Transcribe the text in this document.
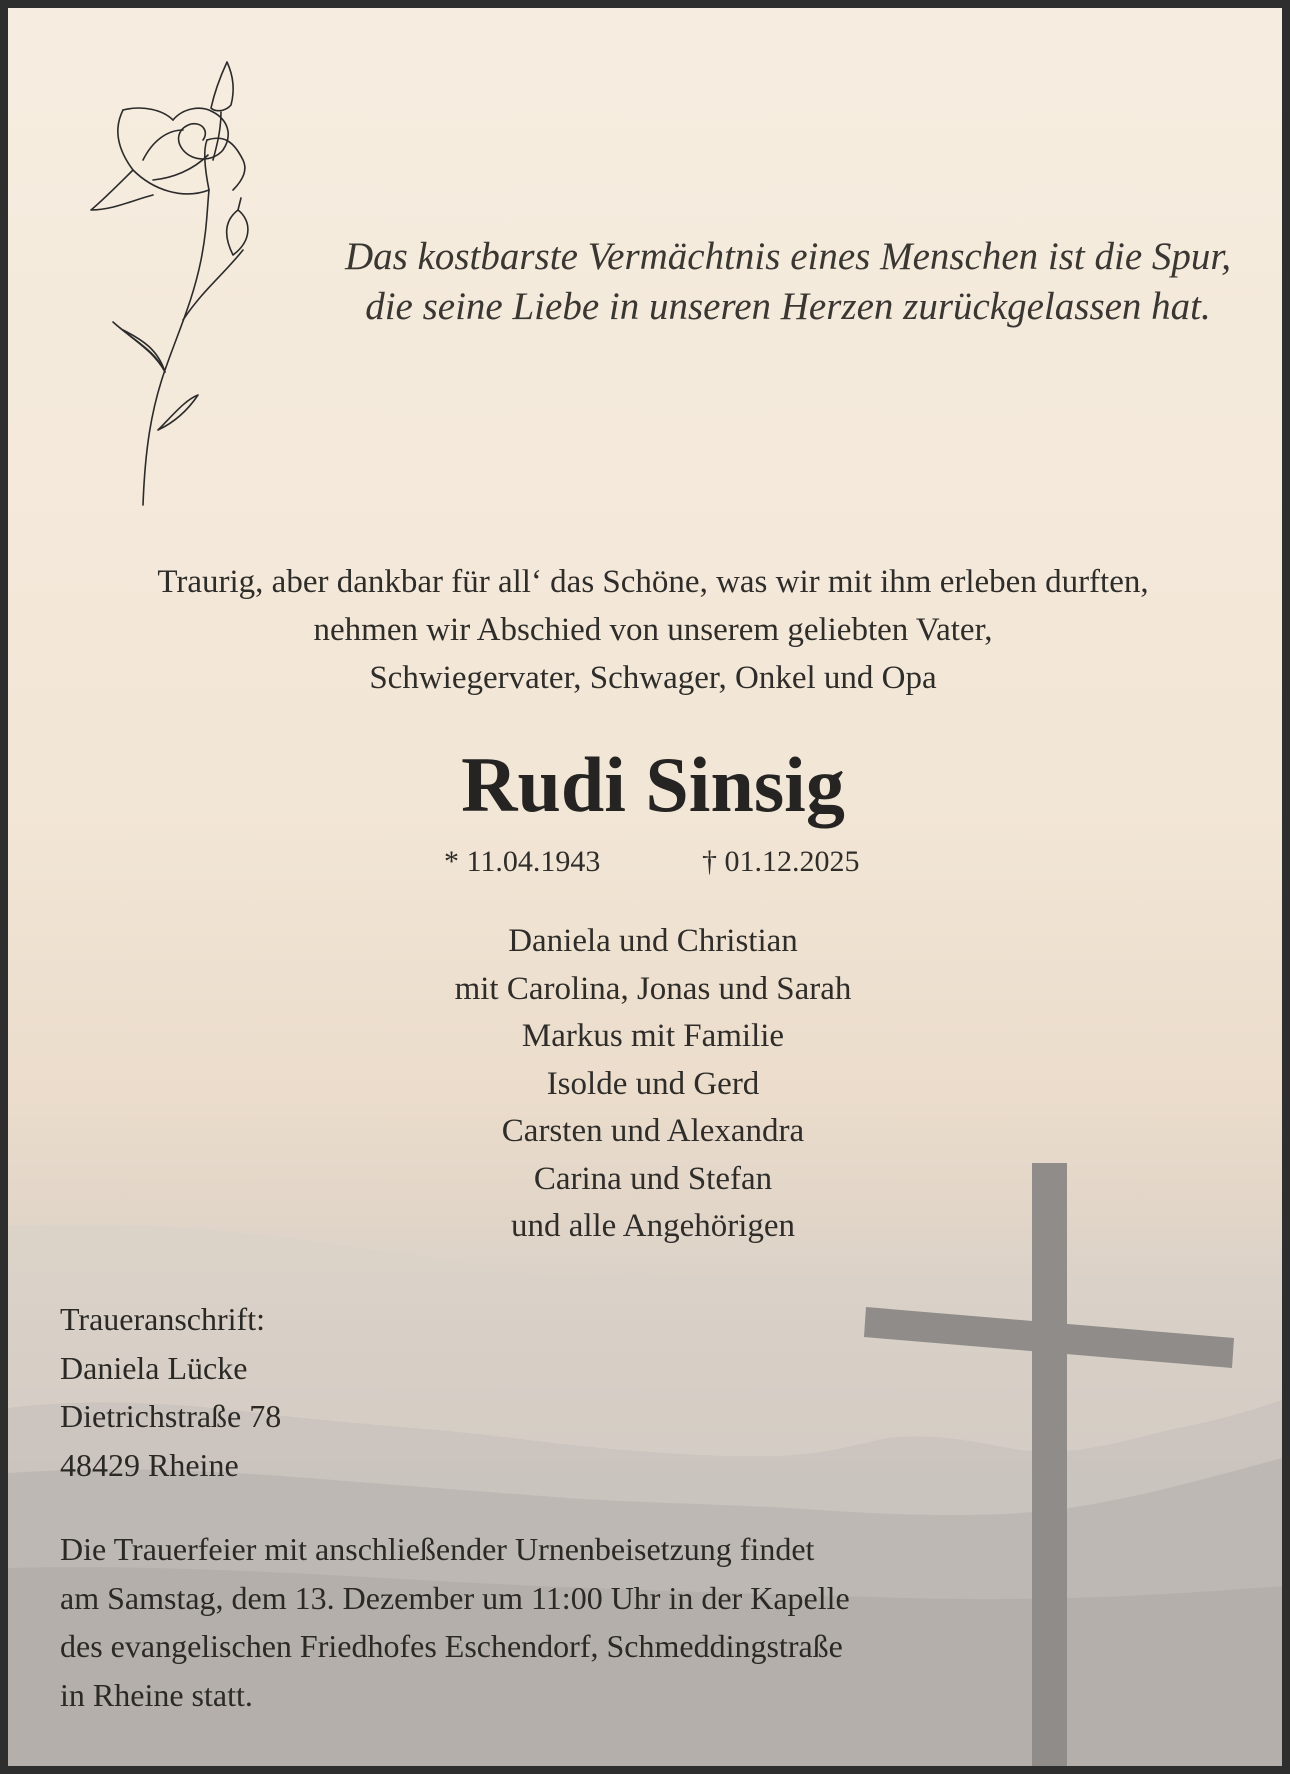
Das kostbarste Vermächtnis eines Menschen ist die Spur,
die seine Liebe in unseren Herzen zurückgelassen hat.
Traurig, aber dankbar für all‘ das Schöne, was wir mit ihm erleben durften,
nehmen wir Abschied von unserem geliebten Vater,
Schwiegervater, Schwager, Onkel und Opa
Rudi Sinsig
* 11.04.1943	† 01.12.2025
Daniela und Christian
mit Carolina, Jonas und Sarah
Markus mit Familie
Isolde und Gerd
Carsten und Alexandra
Carina und Stefan
und alle Angehörigen
Traueranschrift:
Daniela Lücke
Dietrichstraße 78
48429 Rheine
Die Trauerfeier mit anschließender Urnenbeisetzung findet
am Samstag, dem 13. Dezember um 11:00 Uhr in der Kapelle
des evangelischen Friedhofes Eschendorf, Schmeddingstraße
in Rheine statt.
